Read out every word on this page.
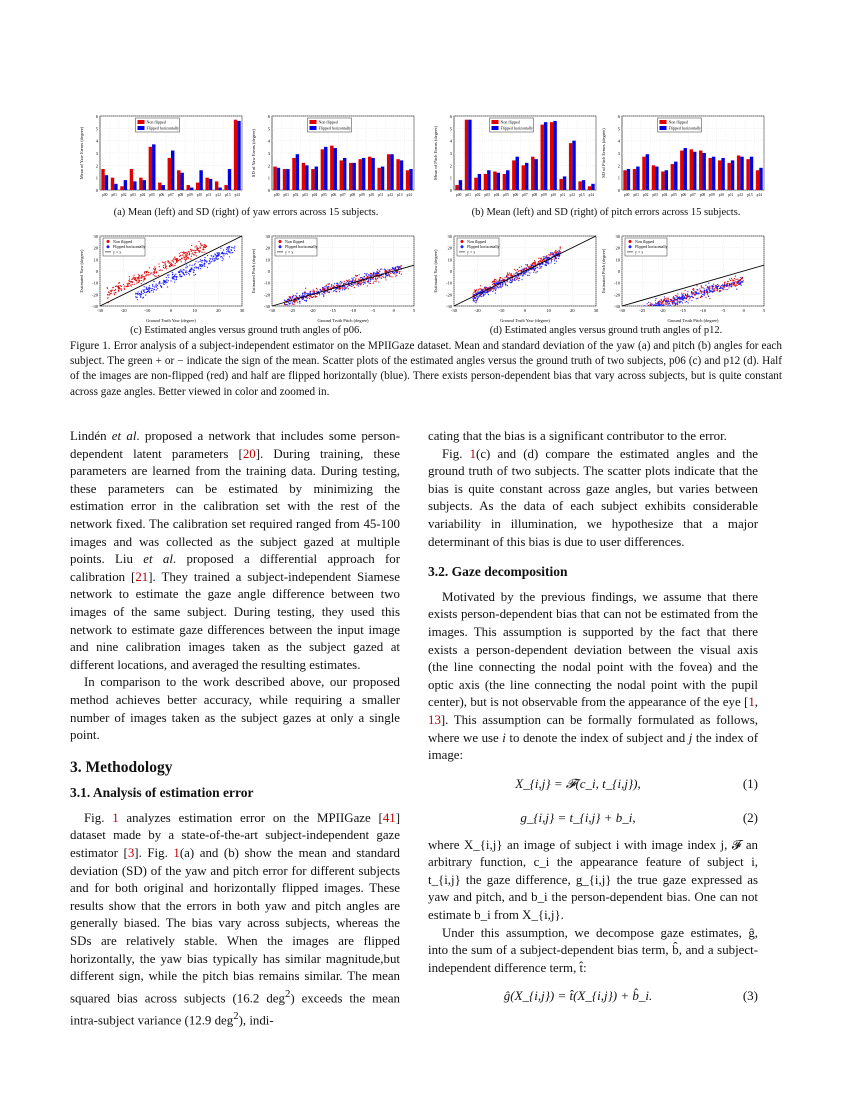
0
1
2
3
4
5
6
Mean of Yaw Errors (degree)
p00 p01 p02 p03 p04 p05 p06 p07 p08 p09 p10 p11 p12 p13 p14
Non flipped
Flipped horizontally
0
1
2
3
4
5
6
SD of Yaw Errors (degree)
p00 p01 p02 p03 p04 p05 p06 p07 p08 p09 p10 p11 p12 p13 p14
Non flipped
Flipped horizontally
0
1
2
3
4
5
6
Mean of Pitch Errors (degree)
p00 p01 p02 p03 p04 p05 p06 p07 p08 p09 p10 p11 p12 p13 p14
Non flipped
Flipped horizontally
0
1
2
3
4
5
6
SD of Pitch Errors (degree)
p00 p01 p02 p03 p04 p05 p06 p07 p08 p09 p10 p11 p12 p13 p14
Non flipped
Flipped horizontally
(a) Mean (left) and SD (right) of yaw errors across 15 subjects.	(b) Mean (left) and SD (right) of pitch errors across 15 subjects.
-30
-20
-10
0
10
20
30
Estimated Yaw (degree)
-30	-20	-10	0	10	20	30
Ground Truth Yaw (degree)
Non flipped
Flipped horizontally
y = x
-30
-20
-10
0
10
20
30
Estimated Pitch (degree)
-30	-25	-20	-15	-10	-5	0	5
Ground Truth Pitch (degree)
Non flipped
Flipped horizontally
y = x
-30
-20
-10
0
10
20
30
Estimated Yaw (degree)
-30	-20	-10	0	10	20	30
Ground Truth Yaw (degree)
Non flipped
Flipped horizontally
y = x
-30
-20
-10
0
10
20
30
Estimated Pitch (degree)
-30	-25	-20	-15	-10	-5	0	5
Ground Truth Pitch (degree)
Non flipped
Flipped horizontally
y = x
(c) Estimated angles versus ground truth angles of p06.	(d) Estimated angles versus ground truth angles of p12.
Figure 1. Error analysis of a subject-independent estimator on the MPIIGaze dataset. Mean and standard deviation of the yaw (a) and pitch (b) angles for each subject. The green + or − indicate the sign of the mean. Scatter plots of the estimated angles versus the ground truth of two subjects, p06 (c) and p12 (d). Half of the images are non-flipped (red) and half are flipped horizontally (blue). There exists person-dependent bias that vary across subjects, but is quite constant across gaze angles. Better viewed in color and zoomed in.

Lindén et al. proposed a network that includes some person-dependent latent parameters [20]. During training, these parameters are learned from the training data. During testing, these parameters can be estimated by minimizing the estimation error in the calibration set with the rest of the network fixed. The calibration set required ranged from 45-100 images and was collected as the subject gazed at multiple points. Liu et al. proposed a differential approach for calibration [21]. They trained a subject-independent Siamese network to estimate the gaze angle difference between two images of the same subject. During testing, they used this network to estimate gaze differences between the input image and nine calibration images taken as the subject gazed at different locations, and averaged the resulting estimates.

In comparison to the work described above, our proposed method achieves better accuracy, while requiring a smaller number of images taken as the subject gazes at only a single point.

3. Methodology
3.1. Analysis of estimation error

Fig. 1 analyzes estimation error on the MPIIGaze [41] dataset made by a state-of-the-art subject-independent gaze estimator [3]. Fig. 1(a) and (b) show the mean and standard deviation (SD) of the yaw and pitch error for different subjects and for both original and horizontally flipped images. These results show that the errors in both yaw and pitch angles are generally biased. The bias vary across subjects, whereas the SDs are relatively stable. When the images are flipped horizontally, the yaw bias typically has similar magnitude,but different sign, while the pitch bias remains similar. The mean squared bias across subjects (16.2 deg$^2$) exceeds the mean intra-subject variance (12.9 deg$^2$), indi-

cating that the bias is a significant contributor to the error.

Fig. 1(c) and (d) compare the estimated angles and the ground truth of two subjects. The scatter plots indicate that the bias is quite constant across gaze angles, but varies between subjects. As the data of each subject exhibits considerable variability in illumination, we hypothesize that a major determinant of this bias is due to user differences.

3.2. Gaze decomposition

Motivated by the previous findings, we assume that there exists person-dependent bias that can not be estimated from the images. This assumption is supported by the fact that there exists a person-dependent deviation between the visual axis (the line connecting the nodal point with the fovea) and the optic axis (the line connecting the nodal point with the pupil center), but is not observable from the appearance of the eye [1, 13]. This assumption can be formally formulated as follows, where we use i to denote the index of subject and j the index of image:

X_{i,j} = 𝓕(c_i, t_{i,j}),	(1)
g_{i,j} = t_{i,j} + b_i,	(2)

where X_{i,j} an image of subject i with image index j, 𝓕 an arbitrary function, c_i the appearance feature of subject i, t_{i,j} the gaze difference, g_{i,j} the true gaze expressed as yaw and pitch, and b_i the person-dependent bias. One can not estimate b_i from X_{i,j}.

Under this assumption, we decompose gaze estimates, ĝ, into the sum of a subject-dependent bias term, b̂, and a subject-independent difference term, t̂:

ĝ(X_{i,j}) = t̂(X_{i,j}) + b̂_i.	(3)
